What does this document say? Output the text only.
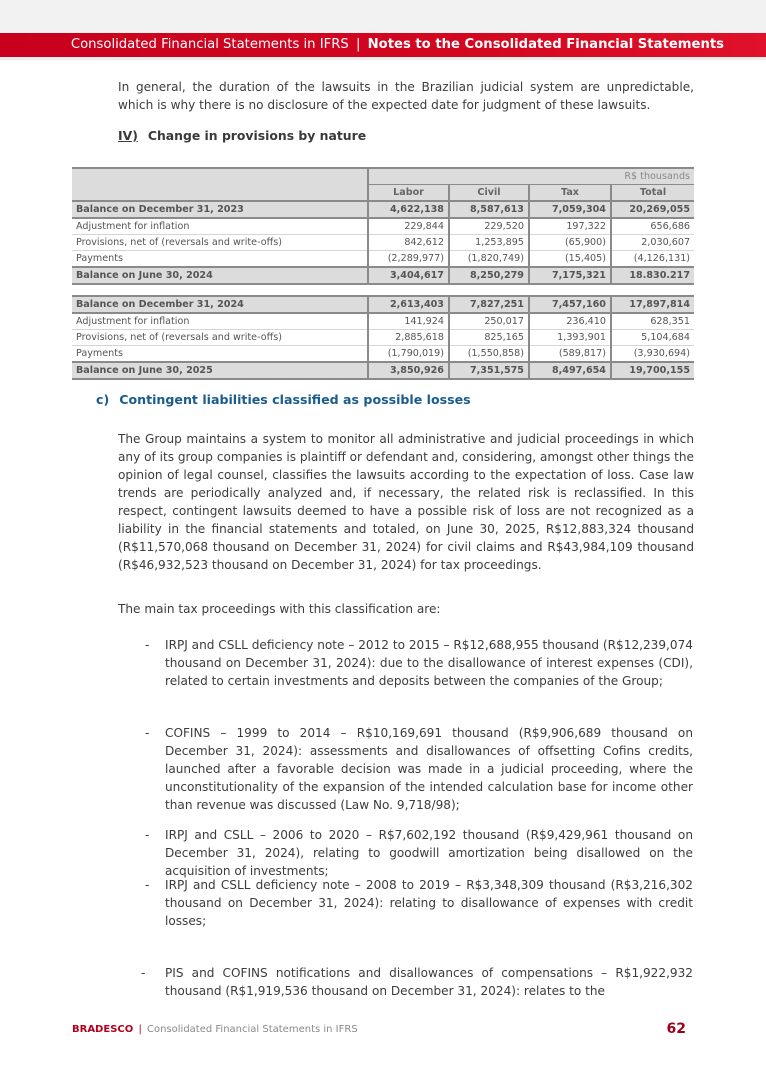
Consolidated Financial Statements in IFRS | Notes to the Consolidated Financial Statements

In general, the duration of the lawsuits in the Brazilian judicial system are unpredictable, which is why there is no disclosure of the expected date for judgment of these lawsuits.

IV) Change in provisions by nature
	R$ thousands			
	Labor	Civil	Tax	Total
Balance on December 31, 2023	4,622,138	8,587,613	7,059,304	20,269,055
Adjustment for inflation	229,844	229,520	197,322	656,686
Provisions, net of (reversals and write-offs)	842,612	1,253,895	(65,900)	2,030,607
Payments	(2,289,977)	(1,820,749)	(15,405)	(4,126,131)
Balance on June 30, 2024	3,404,617	8,250,279	7,175,321	18.830.217
Balance on December 31, 2024	2,613,403	7,827,251	7,457,160	17,897,814
Adjustment for inflation	141,924	250,017	236,410	628,351
Provisions, net of (reversals and write-offs)	2,885,618	825,165	1,393,901	5,104,684
Payments	(1,790,019)	(1,550,858)	(589,817)	(3,930,694)
Balance on June 30, 2025	3,850,926	7,351,575	8,497,654	19,700,155
c) Contingent liabilities classified as possible losses

The Group maintains a system to monitor all administrative and judicial proceedings in which any of its group companies is plaintiff or defendant and, considering, amongst other things the opinion of legal counsel, classifies the lawsuits according to the expectation of loss. Case law trends are periodically analyzed and, if necessary, the related risk is reclassified. In this respect, contingent lawsuits deemed to have a possible risk of loss are not recognized as a liability in the financial statements and totaled, on June 30, 2025, R$12,883,324 thousand (R$11,570,068 thousand on December 31, 2024) for civil claims and R$43,984,109 thousand (R$46,932,523 thousand on December 31, 2024) for tax proceedings.

The main tax proceedings with this classification are:

- IRPJ and CSLL deficiency note – 2012 to 2015 – R$12,688,955 thousand (R$12,239,074 thousand on December 31, 2024): due to the disallowance of interest expenses (CDI), related to certain investments and deposits between the companies of the Group;
- COFINS – 1999 to 2014 – R$10,169,691 thousand (R$9,906,689 thousand on December 31, 2024): assessments and disallowances of offsetting Cofins credits, launched after a favorable decision was made in a judicial proceeding, where the unconstitutionality of the expansion of the intended calculation base for income other than revenue was discussed (Law No. 9,718/98);
- IRPJ and CSLL – 2006 to 2020 – R$7,602,192 thousand (R$9,429,961 thousand on December 31, 2024), relating to goodwill amortization being disallowed on the acquisition of investments;
- IRPJ and CSLL deficiency note – 2008 to 2019 – R$3,348,309 thousand (R$3,216,302 thousand on December 31, 2024): relating to disallowance of expenses with credit losses;
- PIS and COFINS notifications and disallowances of compensations – R$1,922,932 thousand (R$1,919,536 thousand on December 31, 2024): relates to the
BRADESCO | Consolidated Financial Statements in IFRS	62
